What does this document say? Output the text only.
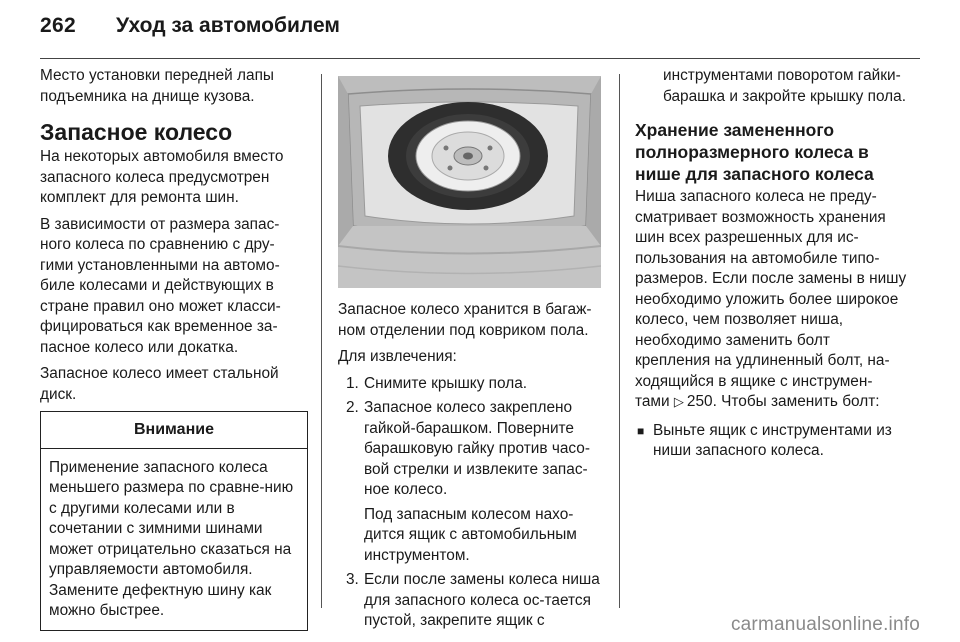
262 Уход за автомобилем

Место установки передней лапы подъемника на днище кузова.

Запасное колесо

На некоторых автомобиля вместо запасного колеса предусмотрен комплект для ремонта шин.

В зависимости от размера запас-ного колеса по сравнению с дру-гими установленными на автомо-биле колесами и действующих в стране правил оно может класси-фицироваться как временное за-пасное колесо или докатка.

Запасное колесо имеет стальной диск.

Внимание
Применение запасного колеса меньшего размера по сравне-нию с другими колесами или в сочетании с зимними шинами может отрицательно сказаться на управляемости автомобиля. Замените дефектную шину как можно быстрее.

Запасное колесо хранится в багаж-ном отделении под ковриком пола.

Для извлечения:

1. Снимите крышку пола.

2. Запасное колесо закреплено гайкой-барашком. Поверните барашковую гайку против часо-вой стрелки и извлеките запас-ное колесо.

Под запасным колесом нахо-дится ящик с автомобильным инструментом.

3. Если после замены колеса ниша для запасного колеса ос-тается пустой, закрепите ящик с

инструментами поворотом гайки-барашка и закройте крышку пола.

Хранение замененного полноразмерного колеса в нише для запасного колеса

Ниша запасного колеса не преду-сматривает возможность хранения шин всех разрешенных для ис-пользования на автомобиле типо-размеров. Если после замены в нишу необходимо уложить более широкое колесо, чем позволяет ниша, необходимо заменить болт крепления на удлиненный болт, на-ходящийся в ящике с инструмен-тами ▷ 250. Чтобы заменить болт:

■ Выньте ящик с инструментами из ниши запасного колеса.
carmanualsonline.info
